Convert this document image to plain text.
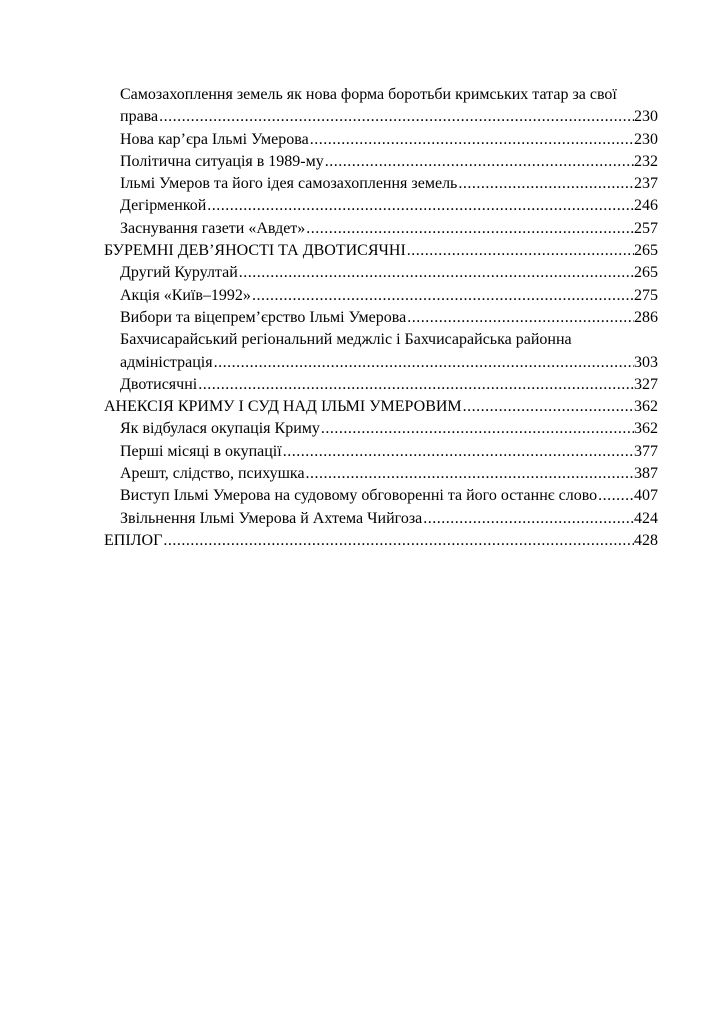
Самозахоплення земель як нова форма боротьби кримських татар за свої
права .....	230
Нова кар’єра Ільмі Умерова .....	230
Політична ситуація в 1989-му .....	232
Ільмі Умеров та його ідея самозахоплення земель .....	237
Дегірменкой .....	246
Заснування газети «Авдет» .....	257
БУРЕМНІ ДЕВ’ЯНОСТІ ТА ДВОТИСЯЧНІ .....	265
Другий Курултай .....	265
Акція «Київ–1992» .....	275
Вибори та віцепрем’єрство Ільмі Умерова .....	286
Бахчисарайський регіональний меджліс і Бахчисарайська районна
адміністрація .....	303
Двотисячні .....	327
АНЕКСІЯ КРИМУ І СУД НАД ІЛЬМІ УМЕРОВИМ .....	362
Як відбулася окупація Криму .....	362
Перші місяці в окупації .....	377
Арешт, слідство, психушка .....	387
Виступ Ільмі Умерова на судовому обговоренні та його останнє слово ..... 407
Звільнення Ільмі Умерова й Ахтема Чийгоза .....	424
ЕПІЛОГ .....	428
